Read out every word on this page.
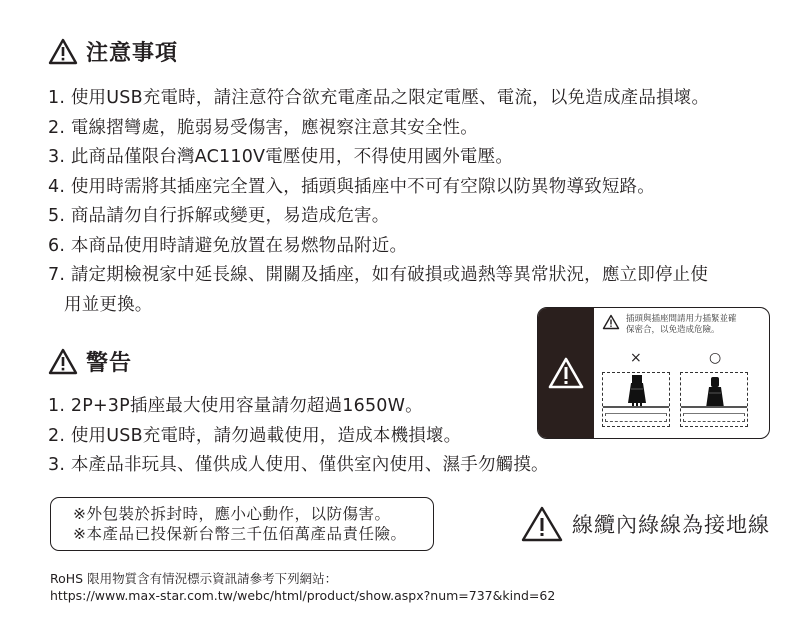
注意事項
1. 使用USB充電時，請注意符合欲充電產品之限定電壓、電流，以免造成產品損壞。
2. 電線摺彎處，脆弱易受傷害，應視察注意其安全性。
3. 此商品僅限台灣AC110V電壓使用，不得使用國外電壓。
4. 使用時需將其插座完全置入，插頭與插座中不可有空隙以防異物導致短路。
5. 商品請勿自行拆解或變更，易造成危害。
6. 本商品使用時請避免放置在易燃物品附近。
7. 請定期檢視家中延長線、開關及插座，如有破損或過熱等異常狀況，應立即停止使
用並更換。
警告
1. 2P+3P插座最大使用容量請勿超過1650W。
2. 使用USB充電時，請勿過載使用，造成本機損壞。
3. 本產品非玩具、僅供成人使用、僅供室內使用、濕手勿觸摸。
插頭與插座間請用力插緊並確
保密合，以免造成危險。
×	○
※外包裝於拆封時，應小心動作，以防傷害。
※本產品已投保新台幣三千伍佰萬產品責任險。	線纜內綠線為接地線
RoHS 限用物質含有情況標示資訊請參考下列網站：
https://www.max-star.com.tw/webc/html/product/show.aspx?num=737&kind=62
